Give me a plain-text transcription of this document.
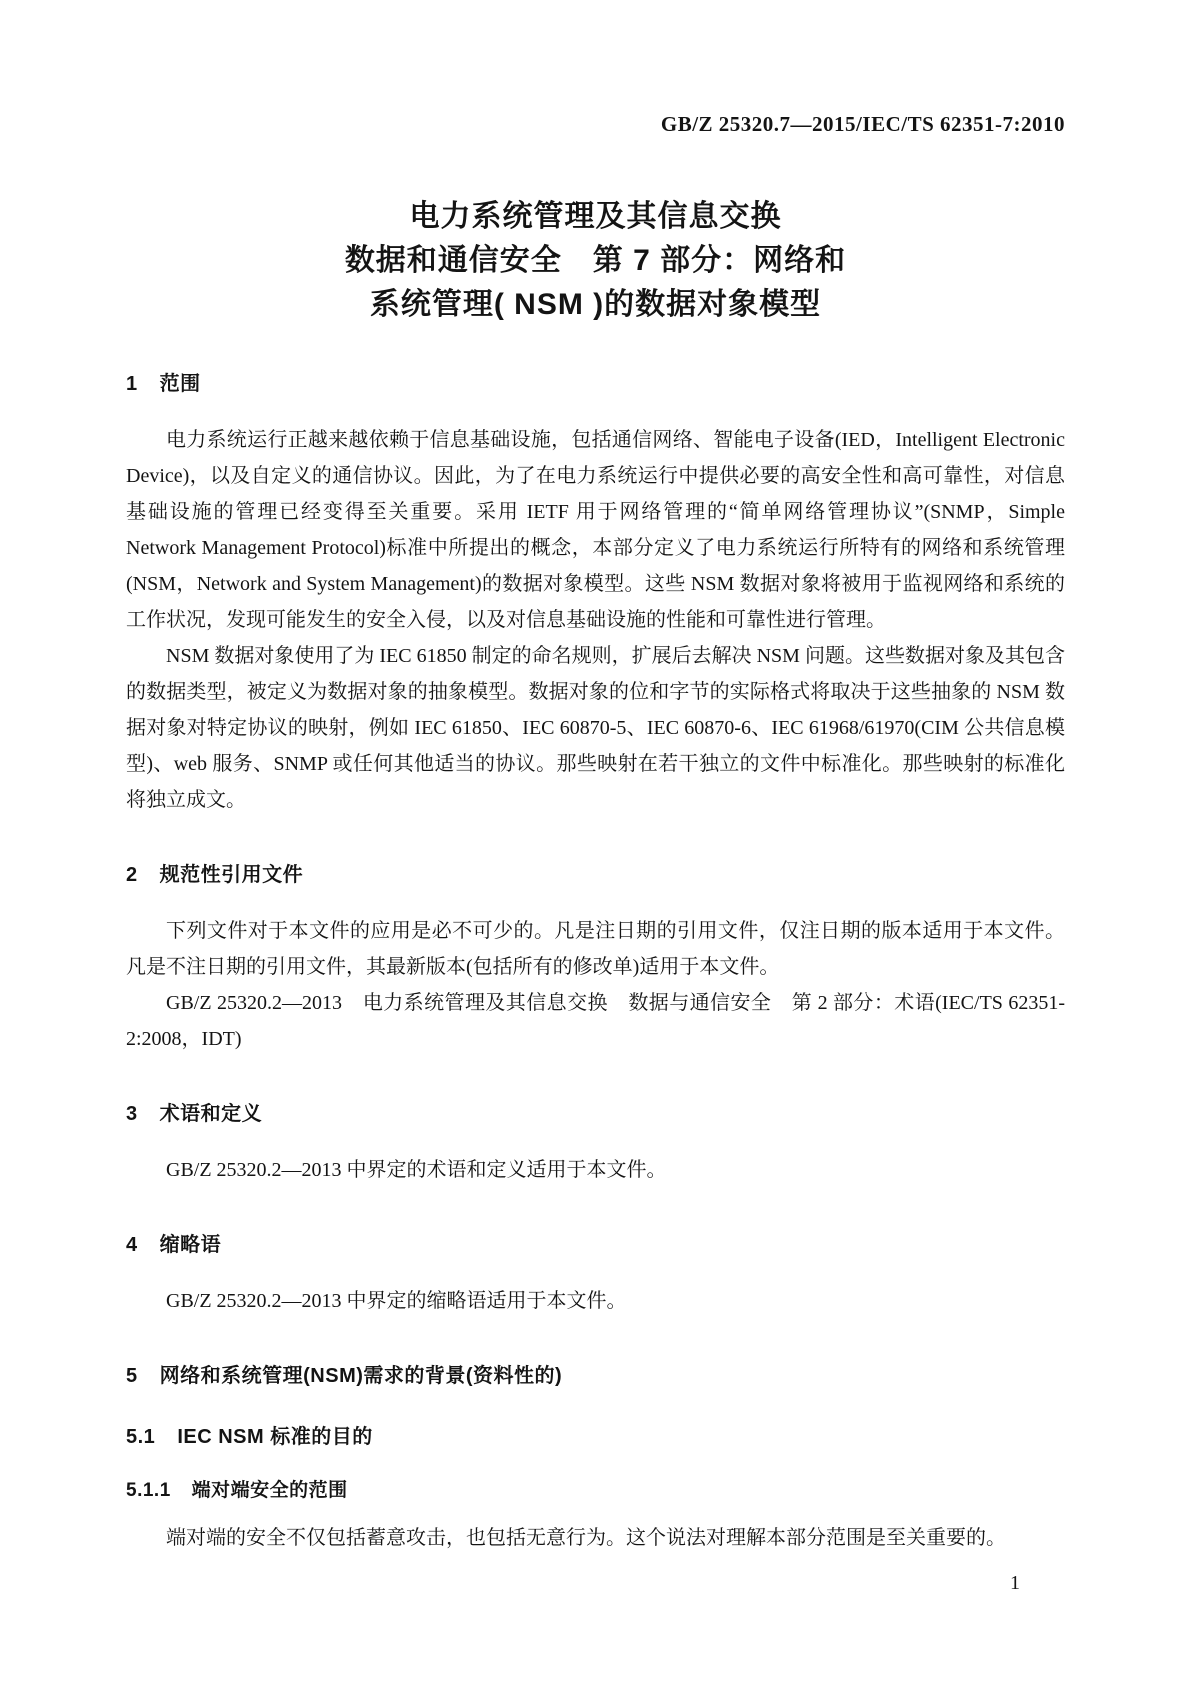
GB/Z 25320.7—2015/IEC/TS 62351-7:2010
电力系统管理及其信息交换
数据和通信安全　第 7 部分：网络和
系统管理( NSM )的数据对象模型
1 范围

电力系统运行正越来越依赖于信息基础设施，包括通信网络、智能电子设备(IED，Intelligent Electronic Device)，以及自定义的通信协议。因此，为了在电力系统运行中提供必要的高安全性和高可靠性，对信息基础设施的管理已经变得至关重要。采用 IETF 用于网络管理的“简单网络管理协议”(SNMP，Simple Network Management Protocol)标准中所提出的概念，本部分定义了电力系统运行所特有的网络和系统管理(NSM，Network and System Management)的数据对象模型。这些 NSM 数据对象将被用于监视网络和系统的工作状况，发现可能发生的安全入侵，以及对信息基础设施的性能和可靠性进行管理。

NSM 数据对象使用了为 IEC 61850 制定的命名规则，扩展后去解决 NSM 问题。这些数据对象及其包含的数据类型，被定义为数据对象的抽象模型。数据对象的位和字节的实际格式将取决于这些抽象的 NSM 数据对象对特定协议的映射，例如 IEC 61850、IEC 60870-5、IEC 60870-6、IEC 61968/61970(CIM 公共信息模型)、web 服务、SNMP 或任何其他适当的协议。那些映射在若干独立的文件中标准化。那些映射的标准化将独立成文。

2 规范性引用文件

下列文件对于本文件的应用是必不可少的。凡是注日期的引用文件，仅注日期的版本适用于本文件。凡是不注日期的引用文件，其最新版本(包括所有的修改单)适用于本文件。

GB/Z 25320.2—2013　电力系统管理及其信息交换　数据与通信安全　第 2 部分：术语(IEC/TS 62351-2:2008，IDT)

3 术语和定义

GB/Z 25320.2—2013 中界定的术语和定义适用于本文件。

4 缩略语

GB/Z 25320.2—2013 中界定的缩略语适用于本文件。

5 网络和系统管理(NSM)需求的背景(资料性的)
5.1 IEC NSM 标准的目的
5.1.1 端对端安全的范围

端对端的安全不仅包括蓄意攻击，也包括无意行为。这个说法对理解本部分范围是至关重要的。

1
